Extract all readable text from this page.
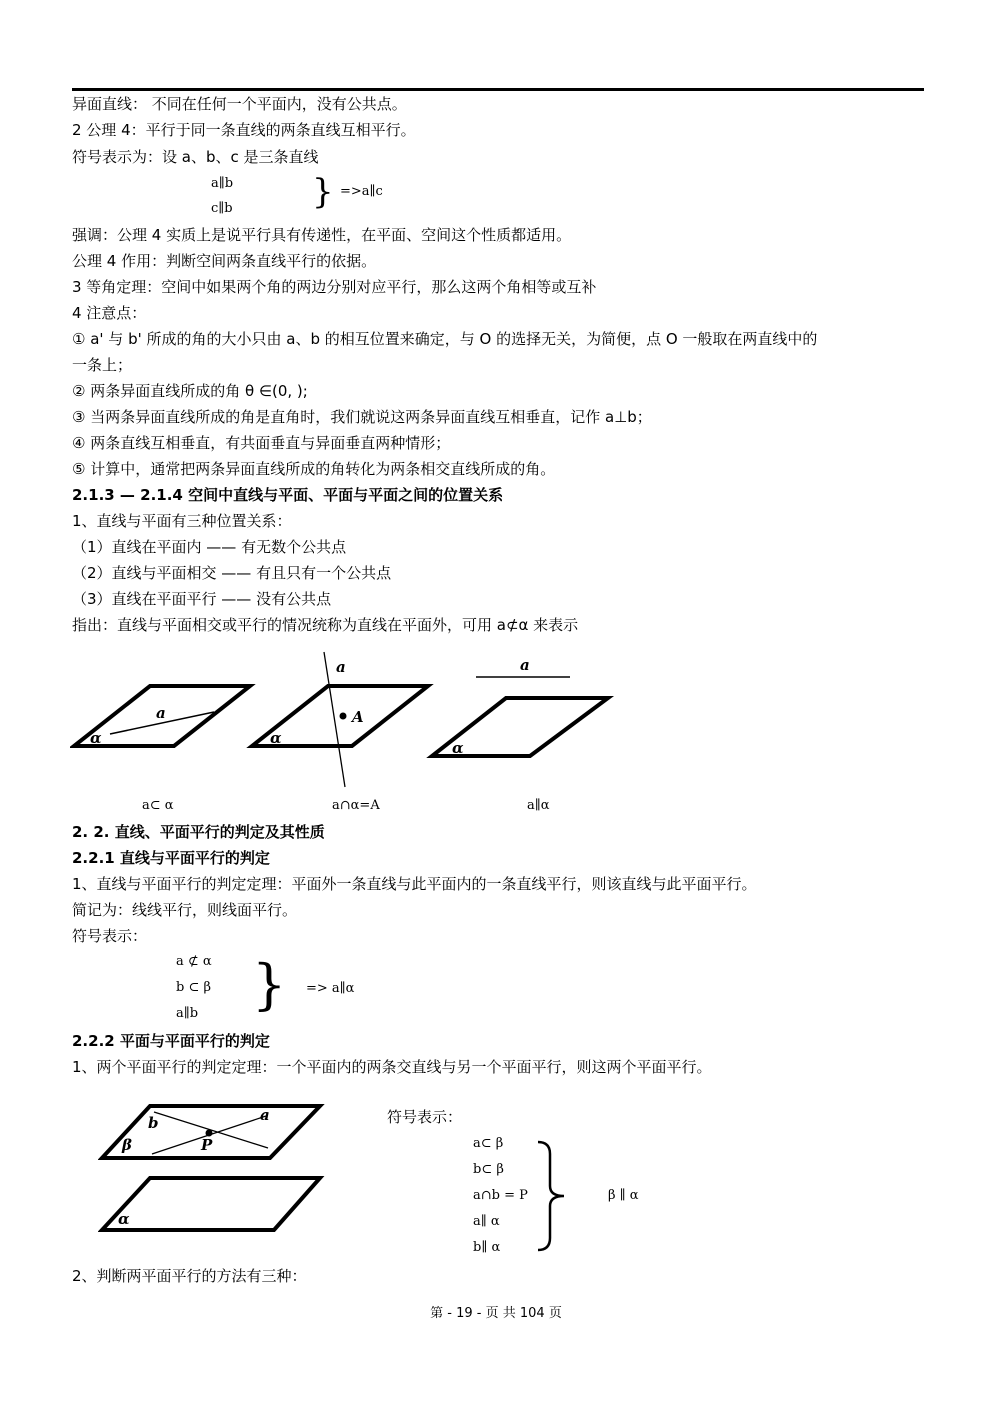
异面直线： 不同在任何一个平面内，没有公共点。
2 公理 4：平行于同一条直线的两条直线互相平行。
符号表示为：设 a、b、c 是三条直线
a∥b
c∥b } =>a∥c
强调：公理 4 实质上是说平行具有传递性，在平面、空间这个性质都适用。
公理 4 作用：判断空间两条直线平行的依据。
3 等角定理：空间中如果两个角的两边分别对应平行，那么这两个角相等或互补
4 注意点：
① a' 与 b' 所成的角的大小只由 a、b 的相互位置来确定，与 O 的选择无关，为简便，点 O 一般取在两直线中的
一条上；
② 两条异面直线所成的角 θ ∈(0, );
③ 当两条异面直线所成的角是直角时，我们就说这两条异面直线互相垂直，记作 a⊥b；
④ 两条直线互相垂直，有共面垂直与异面垂直两种情形；
⑤ 计算中，通常把两条异面直线所成的角转化为两条相交直线所成的角。
2.1.3 — 2.1.4 空间中直线与平面、平面与平面之间的位置关系
1、直线与平面有三种位置关系：
（1）直线在平面内 —— 有无数个公共点
（2）直线与平面相交 —— 有且只有一个公共点
（3）直线在平面平行 —— 没有公共点
指出：直线与平面相交或平行的情况统称为直线在平面外，可用 a⊄α 来表示
a
α
a
A
α
a
α
a⊂ α	a∩α=A	a∥α
2. 2. 直线、平面平行的判定及其性质
2.2.1 直线与平面平行的判定
1、直线与平面平行的判定定理：平面外一条直线与此平面内的一条直线平行，则该直线与此平面平行。
简记为：线线平行，则线面平行。
符号表示：
a ⊄ α
b ⊂ β
a∥b } => a∥α
2.2.2 平面与平面平行的判定
1、两个平面平行的判定定理：一个平面内的两条交直线与另一个平面平行，则这两个平面平行。
a
b
P
β
α
符号表示：
a⊂ β
b⊂ β
a∩b = P
a∥ α
b∥ α
β ∥ α
2、判断两平面平行的方法有三种：
第 - 19 - 页 共 104 页
